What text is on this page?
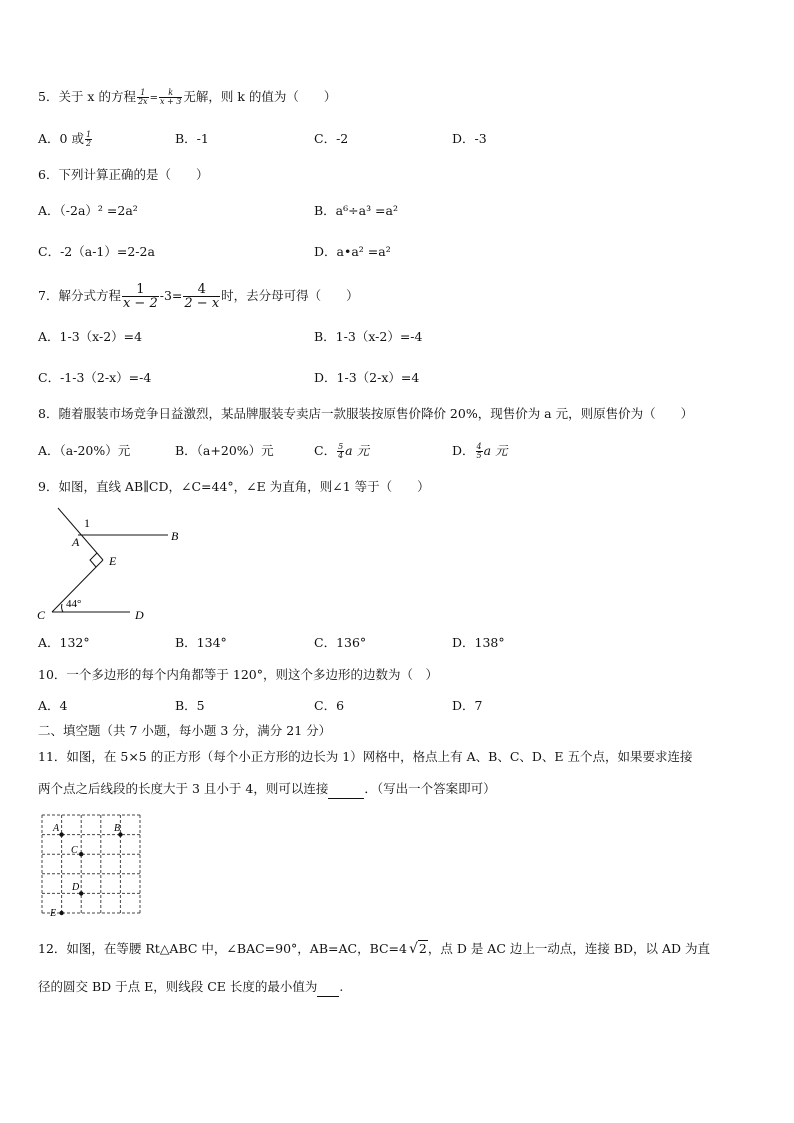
5．关于 x 的方程 $\frac{1}{2x} = \frac{k}{x + 3}$ 无解，则 k 的值为（　　）
A．0 或 $\frac{1}{2}$	B．-1	C．-2	D．-3
6．下列计算正确的是（　　）
A．（-2a）² =2a²	B．a⁶÷a³ =a²
C．-2（a-1）=2-2a	D．a•a² =a²
7．解分式方程 $\frac{1}{x - 2} -3= \frac{4}{2 - x}$ 时，去分母可得（　　）
A．1-3（x-2）=4	B．1-3（x-2）=-4
C．-1-3（2-x）=-4	D．1-3（2-x）=4
8．随着服装市场竞争日益激烈，某品牌服装专卖店一款服装按原售价降价 20%，现售价为 a 元，则原售价为（　　）
A．（a-20%）元	B．（a+20%）元	C． $\frac{5}{4}$ a 元	D． $\frac{4}{5}$ a 元
9．如图，直线 AB∥CD，∠C=44°，∠E 为直角，则∠1 等于（　　）
1
A	B
E
44°
C	D
A．132°	B．134°	C．136°	D．138°
10．一个多边形的每个内角都等于 120°，则这个多边形的边数为（　）
A．4	B．5	C．6	D．7
二、填空题（共 7 小题，每小题 3 分，满分 21 分）
11．如图，在 5×5 的正方形（每个小正方形的边长为 1）网格中，格点上有 A、B、C、D、E 五个点，如果要求连接
两个点之后线段的长度大于 3 且小于 4，则可以连接	．（写出一个答案即可）
A	B
C
D
E
12．如图，在等腰 Rt△ABC 中，∠BAC=90°，AB=AC，BC=4 √2，点 D 是 AC 边上一动点，连接 BD，以 AD 为直
径的圆交 BD 于点 E，则线段 CE 长度的最小值为 .
